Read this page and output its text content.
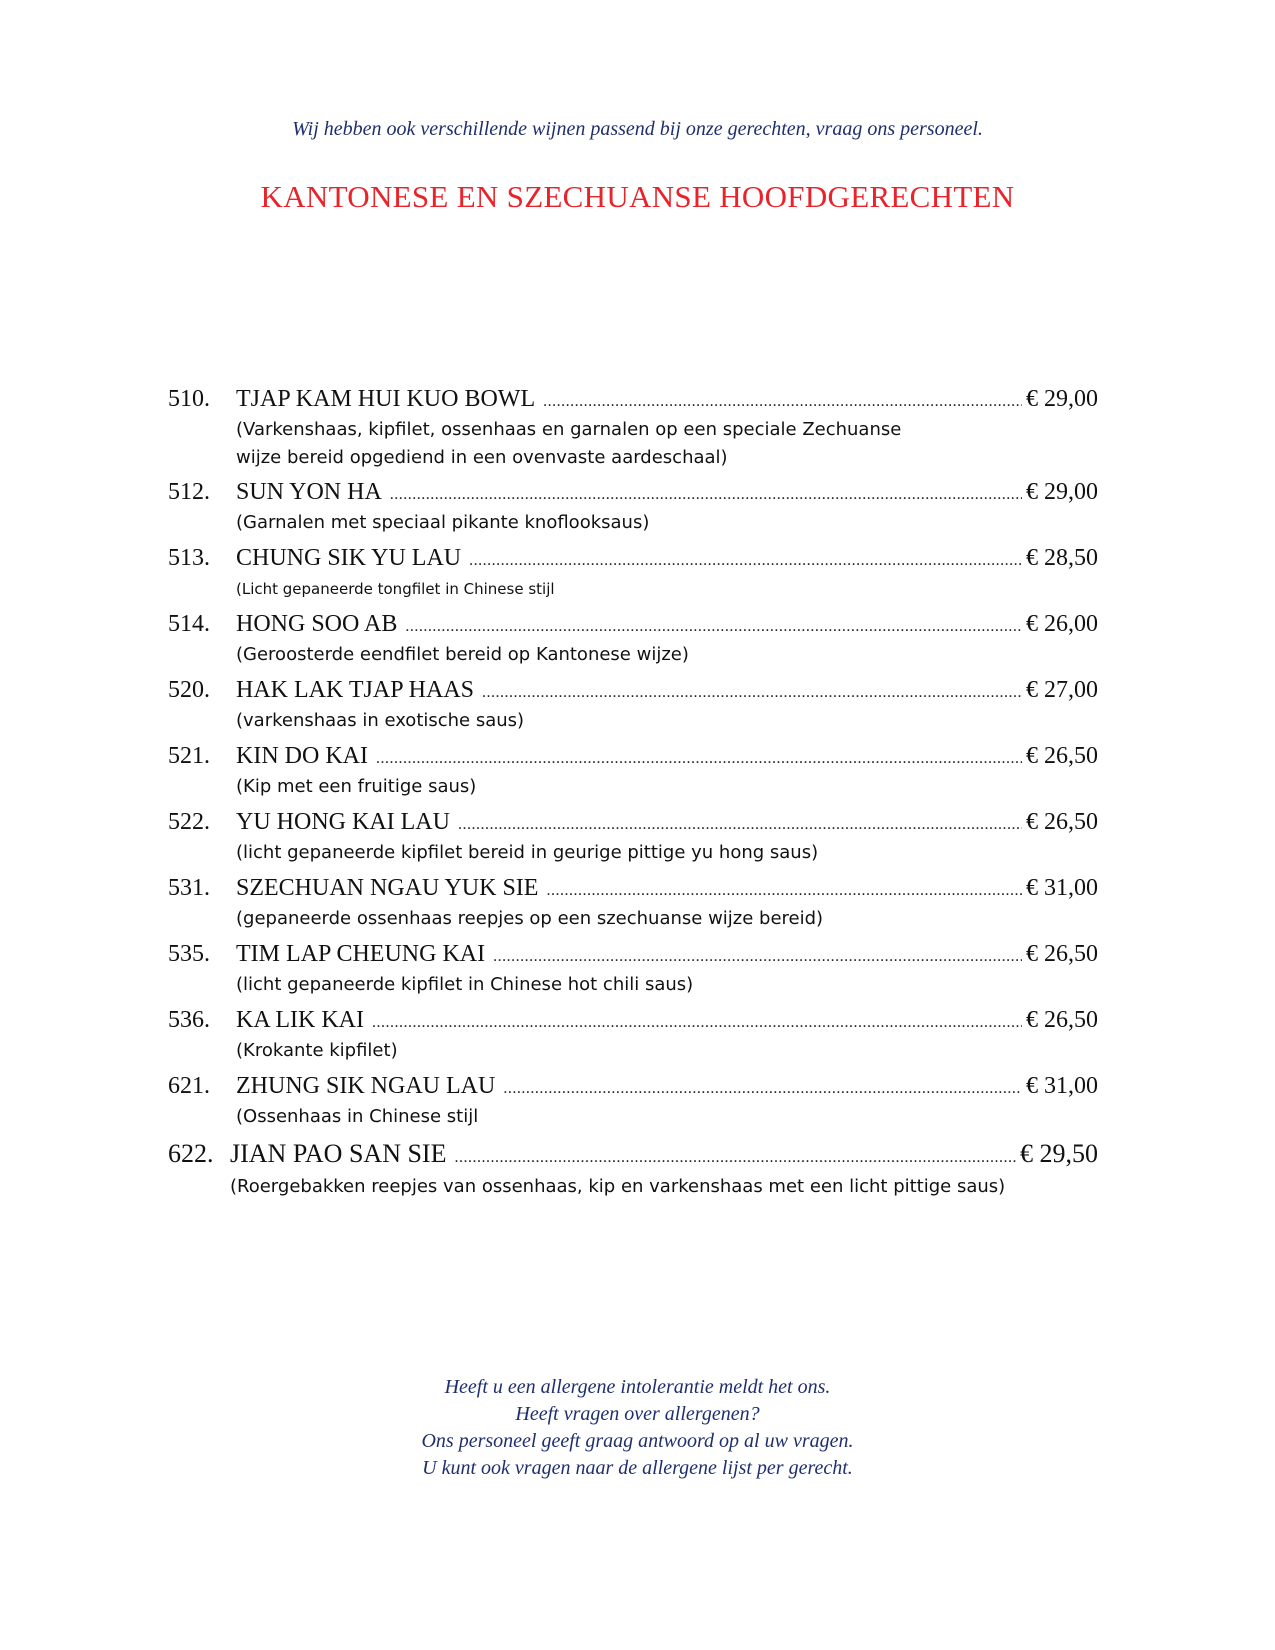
Wij hebben ook verschillende wijnen passend bij onze gerechten, vraag ons personeel.
KANTONESE EN SZECHUANSE HOOFDGERECHTEN
510.	TJAP KAM HUI KUO BOWL .....	€ 29,00
(Varkenshaas, kipfilet, ossenhaas en garnalen op een speciale Zechuanse wijze bereid opgediend in een ovenvaste aardeschaal)
512.	SUN YON HA .....	€ 29,00
(Garnalen met speciaal pikante knoflooksaus)
513.	CHUNG SIK YU LAU .....	€ 28,50
(Licht gepaneerde tongfilet in Chinese stijl
514.	HONG SOO AB .....	€ 26,00
(Geroosterde eendfilet bereid op Kantonese wijze)
520.	HAK LAK TJAP HAAS .....	€ 27,00
(varkenshaas in exotische saus)
521.	KIN DO KAI .....	€ 26,50
(Kip met een fruitige saus)
522.	YU HONG KAI LAU .....	€ 26,50
(licht gepaneerde kipfilet bereid in geurige pittige yu hong saus)
531.	SZECHUAN NGAU YUK SIE .....	€ 31,00
(gepaneerde ossenhaas reepjes op een szechuanse wijze bereid)
535.	TIM LAP CHEUNG KAI .....	€ 26,50
(licht gepaneerde kipfilet in Chinese hot chili saus)
536.	KA LIK KAI .....	€ 26,50
(Krokante kipfilet)
621.	ZHUNG SIK NGAU LAU .....	€ 31,00
(Ossenhaas in Chinese stijl
622. JIAN PAO SAN SIE .....	€ 29,50
(Roergebakken reepjes van ossenhaas, kip en varkenshaas met een licht pittige saus)
Heeft u een allergene intolerantie meldt het ons.
Heeft vragen over allergenen?
Ons personeel geeft graag antwoord op al uw vragen.
U kunt ook vragen naar de allergene lijst per gerecht.
